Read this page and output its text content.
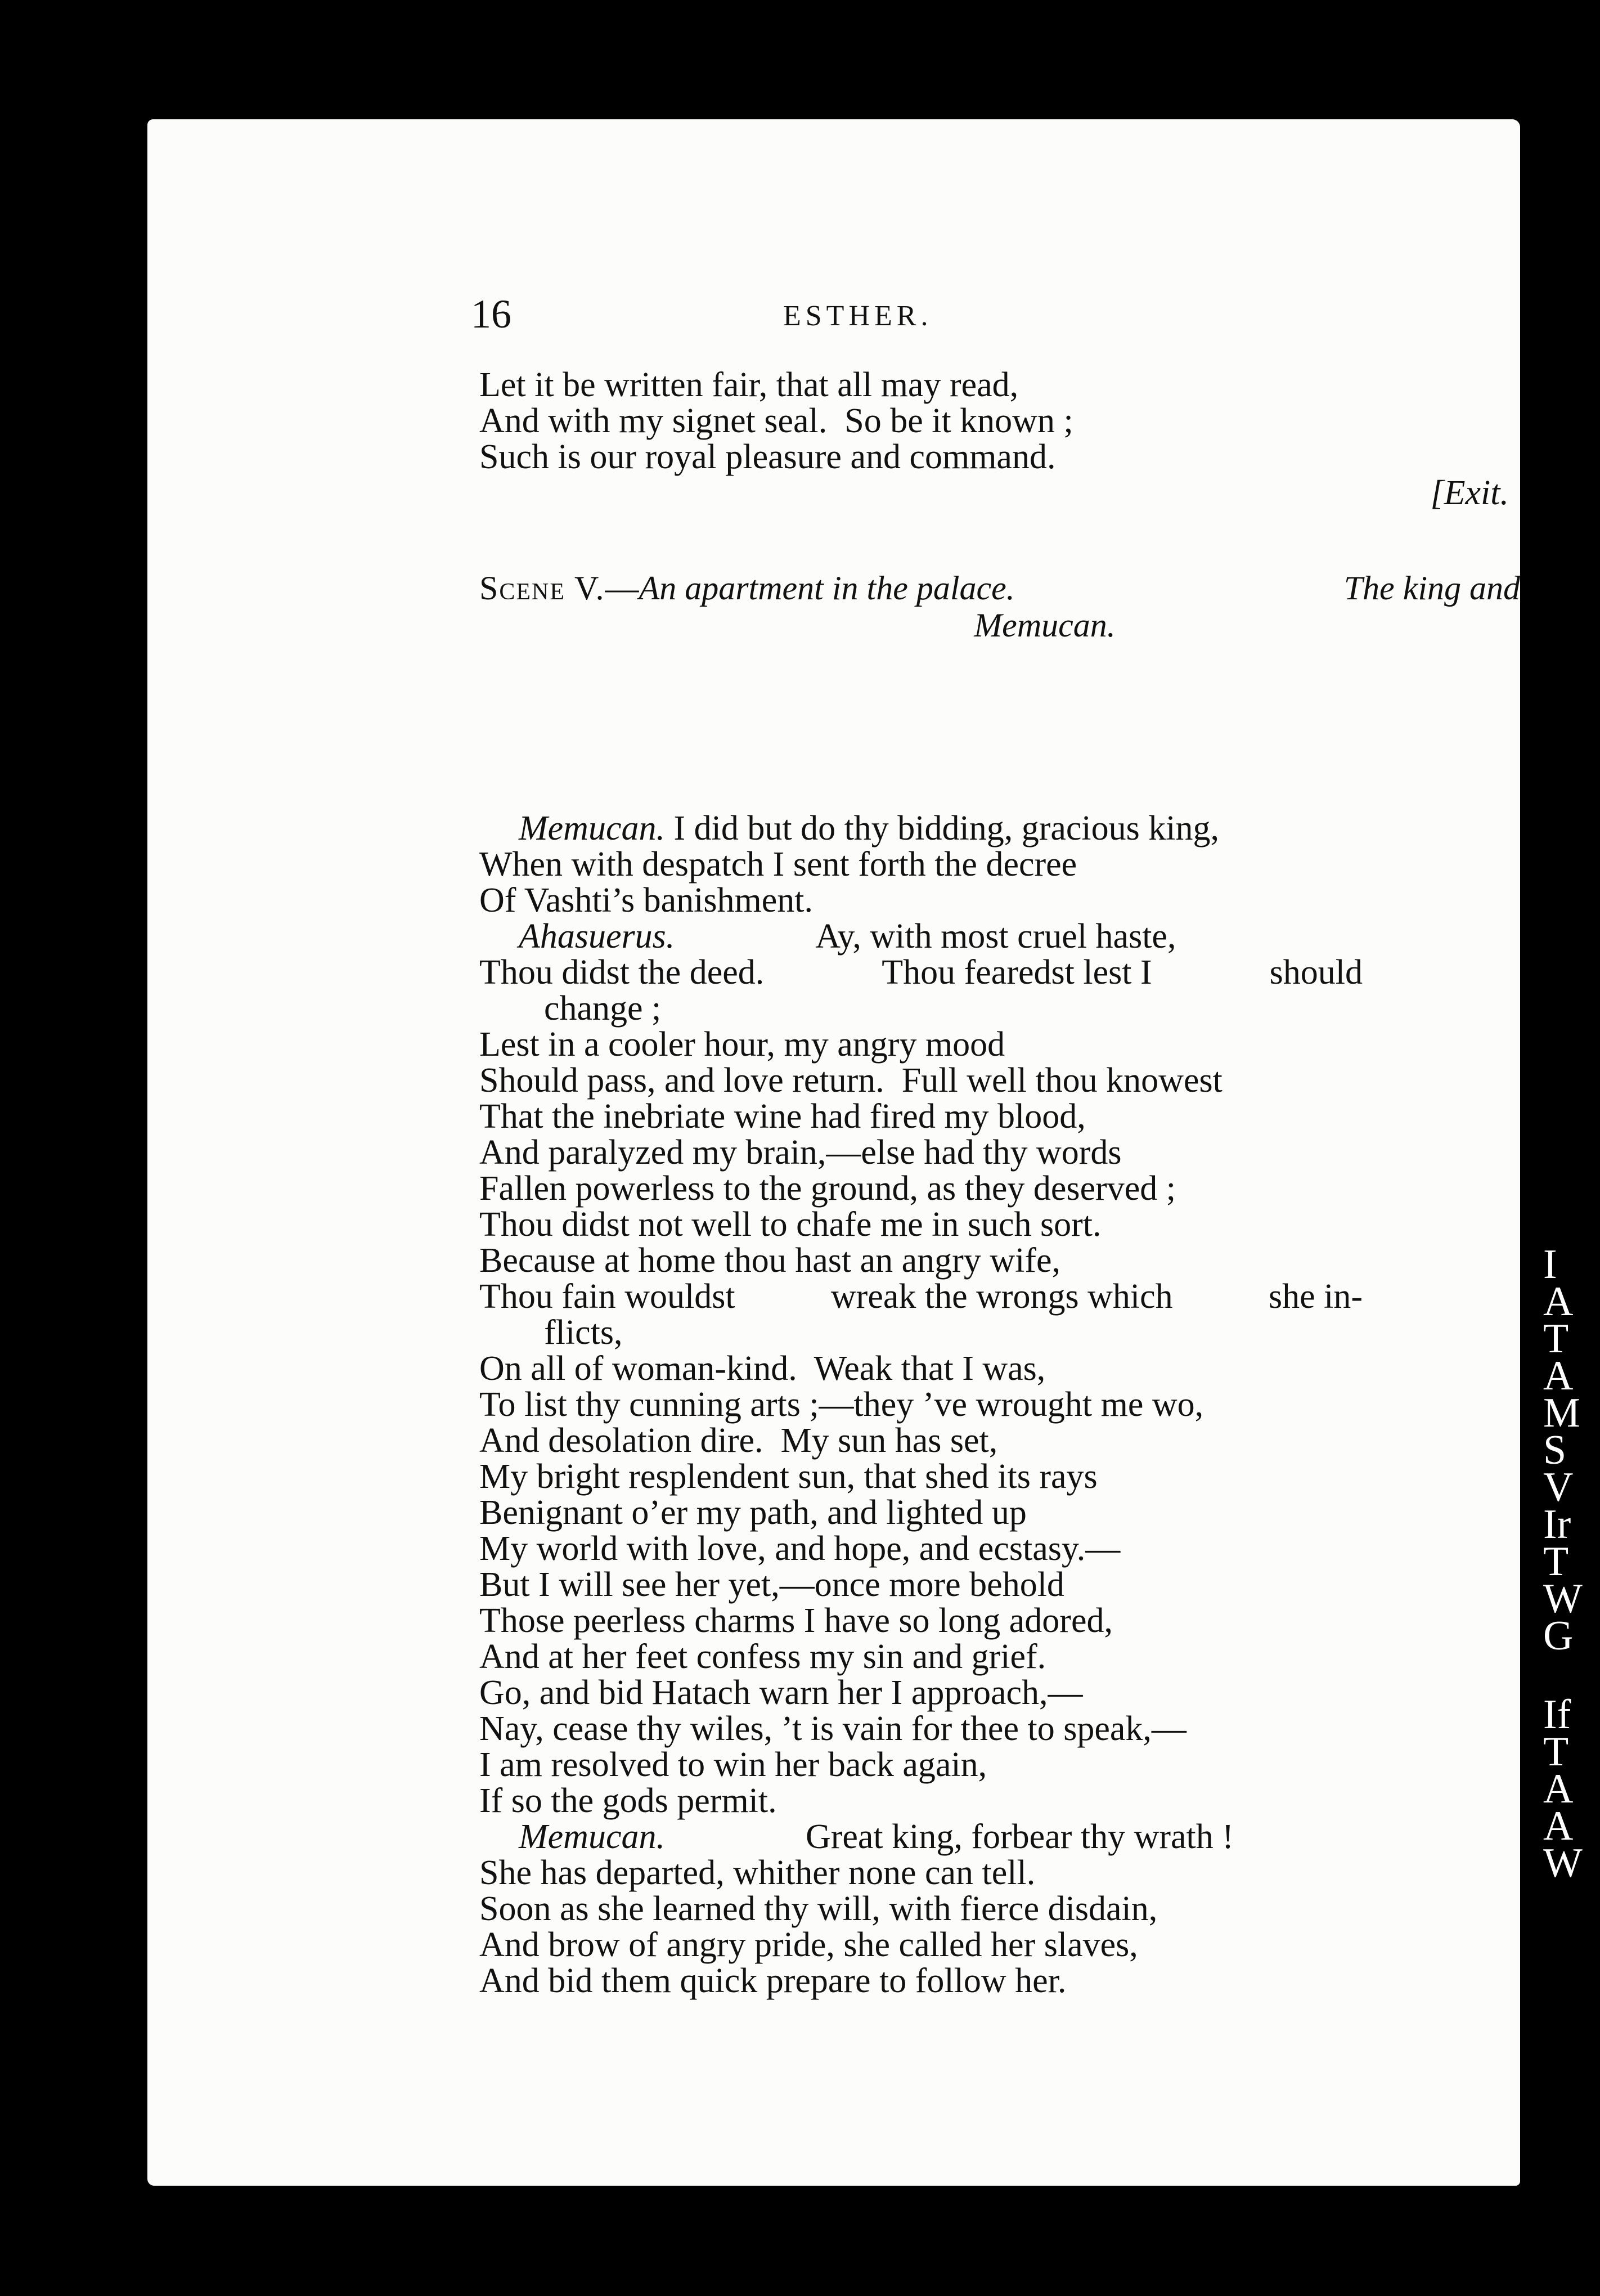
16	ESTHER.
Let it be written fair, that all may read,
And with my signet seal.  So be it known ;
Such is our royal pleasure and command.
[Exit.
Scene V.—An apartment in the palace.	The king and
Memucan.
Memucan. I did but do thy bidding, gracious king,
When with despatch I sent forth the decree
Of Vashti’s banishment.
Ahasuerus.	Ay, with most cruel haste,
Thou didst the deed.	Thou fearedst lest I	should
change ;
Lest in a cooler hour, my angry mood
Should pass, and love return.  Full well thou knowest
That the inebriate wine had fired my blood,
And paralyzed my brain,—else had thy words
Fallen powerless to the ground, as they deserved ;
Thou didst not well to chafe me in such sort.
Because at home thou hast an angry wife,
Thou fain wouldst	wreak the wrongs which	she in-
flicts,
On all of woman-kind.  Weak that I was,
To list thy cunning arts ;—they ’ve wrought me wo,
And desolation dire.  My sun has set,
My bright resplendent sun, that shed its rays
Benignant o’er my path, and lighted up
My world with love, and hope, and ecstasy.—
But I will see her yet,—once more behold
Those peerless charms I have so long adored,
And at her feet confess my sin and grief.
Go, and bid Hatach warn her I approach,—
Nay, cease thy wiles, ’t is vain for thee to speak,—
I am resolved to win her back again,
If so the gods permit.
Memucan.	Great king, forbear thy wrath !
She has departed, whither none can tell.
Soon as she learned thy will, with fierce disdain,
And brow of angry pride, she called her slaves,
And bid them quick prepare to follow her.
I
A
T
A
M
S
V
Ir
T
W
G
If
T
A
A
W
